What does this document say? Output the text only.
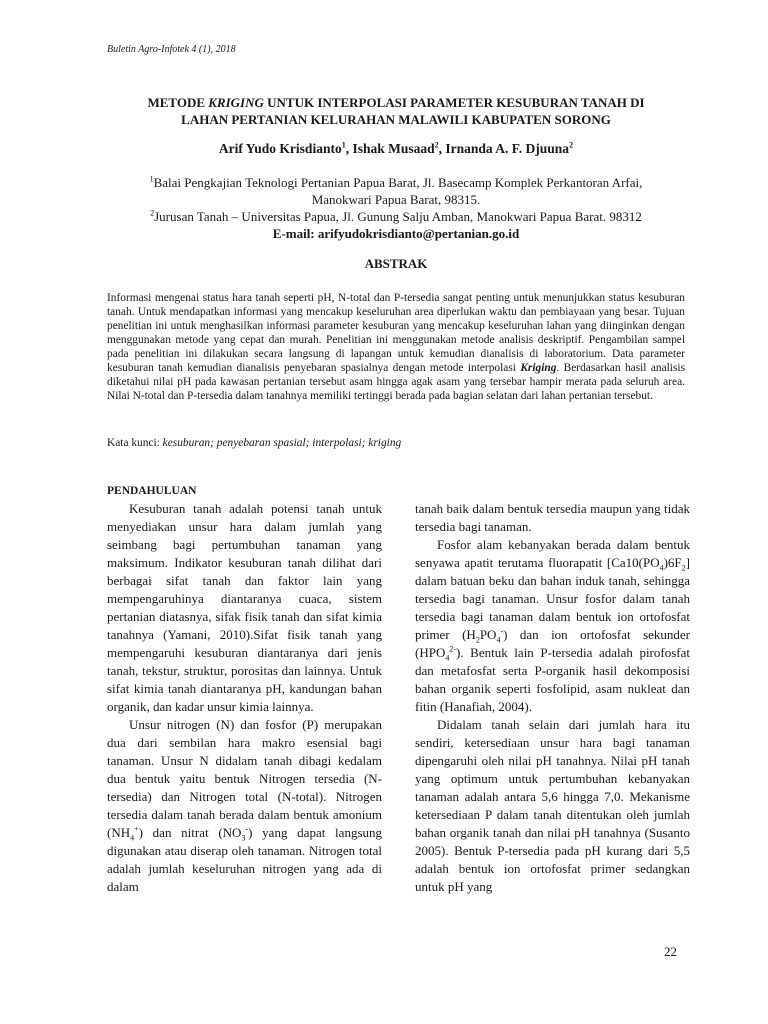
Buletin Agro-Infotek 4 (1), 2018
METODE KRIGING UNTUK INTERPOLASI PARAMETER KESUBURAN TANAH DI
LAHAN PERTANIAN KELURAHAN MALAWILI KABUPATEN SORONG
Arif Yudo Krisdianto$^1$, Ishak Musaad$^2$, Irnanda A. F. Djuuna$^2$
$^1$Balai Pengkajian Teknologi Pertanian Papua Barat, Jl. Basecamp Komplek Perkantoran Arfai,
Manokwari Papua Barat, 98315.
$^2$Jurusan Tanah – Universitas Papua, Jl. Gunung Salju Amban, Manokwari Papua Barat. 98312
E-mail: arifyudokrisdianto@pertanian.go.id
ABSTRAK
Informasi mengenai status hara tanah seperti pH, N-total dan P-tersedia sangat penting untuk menunjukkan status kesuburan tanah. Untuk mendapatkan informasi yang mencakup keseluruhan area diperlukan waktu dan pembiayaan yang besar. Tujuan penelitian ini untuk menghasilkan informasi parameter kesuburan yang mencakup keseluruhan lahan yang diinginkan dengan menggunakan metode yang cepat dan murah. Penelitian ini menggunakan metode analisis deskriptif. Pengambilan sampel pada penelitian ini dilakukan secara langsung di lapangan untuk kemudian dianalisis di laboratorium. Data parameter kesuburan tanah kemudian dianalisis penyebaran spasialnya dengan metode interpolasi Kriging. Berdasarkan hasil analisis diketahui nilai pH pada kawasan pertanian tersebut asam hingga agak asam yang tersebar hampir merata pada seluruh area. Nilai N-total dan P-tersedia dalam tanahnya memiliki tertinggi berada pada bagian selatan dari lahan pertanian tersebut.
Kata kunci: kesuburan; penyebaran spasial; interpolasi; kriging
PENDAHULUAN

Kesuburan tanah adalah potensi tanah untuk menyediakan unsur hara dalam jumlah yang seimbang bagi pertumbuhan tanaman yang maksimum. Indikator kesuburan tanah dilihat dari berbagai sifat tanah dan faktor lain yang mempengaruhinya diantaranya cuaca, sistem pertanian diatasnya, sifak fisik tanah dan sifat kimia tanahnya (Yamani, 2010).Sifat fisik tanah yang mempengaruhi kesuburan diantaranya dari jenis tanah, tekstur, struktur, porositas dan lainnya. Untuk sifat kimia tanah diantaranya pH, kandungan bahan organik, dan kadar unsur kimia lainnya.

Unsur nitrogen (N) dan fosfor (P) merupakan dua dari sembilan hara makro esensial bagi tanaman. Unsur N didalam tanah dibagi kedalam dua bentuk yaitu bentuk Nitrogen tersedia (N-tersedia) dan Nitrogen total (N-total). Nitrogen tersedia dalam tanah berada dalam bentuk amonium $(NH_4^+)$ dan nitrat $(NO_3^-)$ yang dapat langsung digunakan atau diserap oleh tanaman. Nitrogen total adalah jumlah keseluruhan nitrogen yang ada di dalam

tanah baik dalam bentuk tersedia maupun yang tidak tersedia bagi tanaman.

Fosfor alam kebanyakan berada dalam bentuk senyawa apatit terutama fluorapatit $[Ca10(PO_4)6F_2]$ dalam batuan beku dan bahan induk tanah, sehingga tersedia bagi tanaman. Unsur fosfor dalam tanah tersedia bagi tanaman dalam bentuk ion ortofosfat primer $(H_2PO_4^-)$ dan ion ortofosfat sekunder $(HPO_4^{2-})$. Bentuk lain P-tersedia adalah pirofosfat dan metafosfat serta P-organik hasil dekomposisi bahan organik seperti fosfolipid, asam nukleat dan fitin (Hanafiah, 2004).

Didalam tanah selain dari jumlah hara itu sendiri, ketersediaan unsur hara bagi tanaman dipengaruhi oleh nilai pH tanahnya. Nilai pH tanah yang optimum untuk pertumbuhan kebanyakan tanaman adalah antara 5,6 hingga 7,0. Mekanisme ketersediaan P dalam tanah ditentukan oleh jumlah bahan organik tanah dan nilai pH tanahnya (Susanto 2005). Bentuk P-tersedia pada pH kurang dari 5,5 adalah bentuk ion ortofosfat primer sedangkan untuk pH yang

22
